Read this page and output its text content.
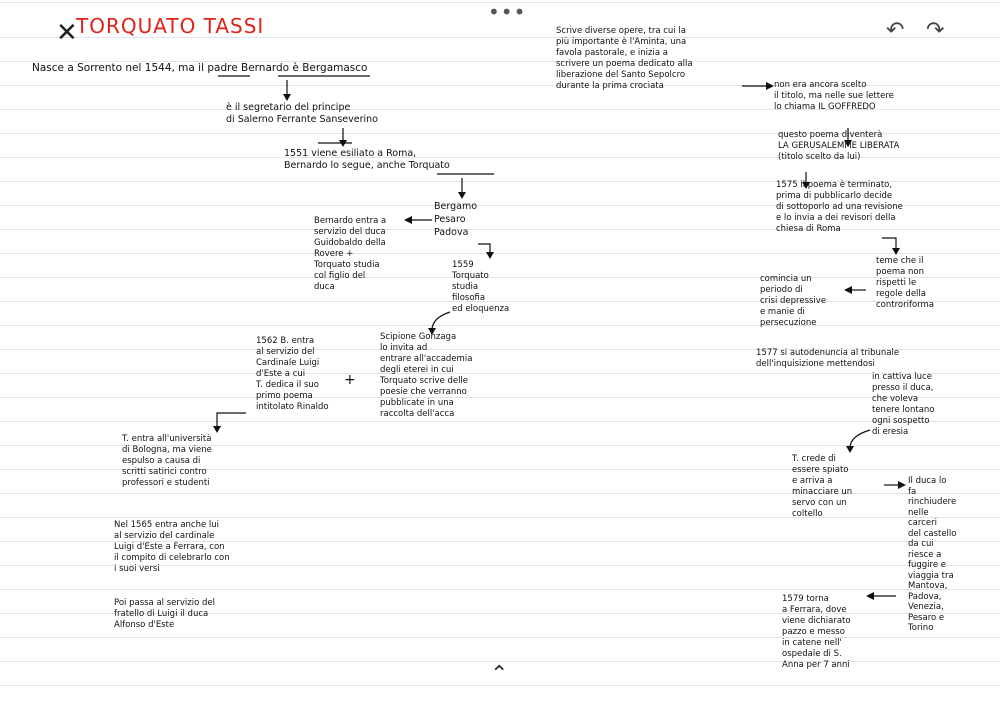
•••
✕	↶ ↷
⌃
TORQUATO TASSI
Nasce a Sorrento nel 1544, ma il padre Bernardo è Bergamasco
è il segretario del principe
di Salerno Ferrante Sanseverino
1551 viene esiliato a Roma,
Bernardo lo segue, anche Torquato
Bergamo
Pesaro
Padova
Bernardo entra a
servizio del duca
Guidobaldo della
Rovere +
Torquato studia
col figlio del
duca
1559
Torquato
studia
filosofia
ed eloquenza
1562 B. entra
al servizio del
Cardinale Luigi
d'Este a cui
T. dedica il suo
primo poema
intitolato Rinaldo
+
Scipione Gonzaga
lo invita ad
entrare all'accademia
degli eterei in cui
Torquato scrive delle
poesie che verranno
pubblicate in una
raccolta dell'acca
T. entra all'università
di Bologna, ma viene
espulso a causa di
scritti satirici contro
professori e studenti
Nel 1565 entra anche lui
al servizio del cardinale
Luigi d'Este a Ferrara, con
il compito di celebrarlo con
i suoi versi
Poi passa al servizio del
fratello di Luigi il duca
Alfonso d'Este
Scrive diverse opere, tra cui la
più importante è l'Aminta, una
favola pastorale, e inizia a
scrivere un poema dedicato alla
liberazione del Santo Sepolcro
durante la prima crociata	non era ancora scelto
il titolo, ma nelle sue lettere
lo chiama IL GOFFREDO
questo poema diventerà
LA GERUSALEMME LIBERATA
(titolo scelto da lui)
1575 il poema è terminato,
prima di pubblicarlo decide
di sottoporlo ad una revisione
e lo invia a dei revisori della
chiesa di Roma
teme che il
poema non
rispetti le
regole della
controriforma
comincia un
periodo di
crisi depressive
e manie di
persecuzione
1577 si autodenuncia al tribunale
dell'inquisizione mettendosi
in cattiva luce
presso il duca,
che voleva
tenere lontano
ogni sospetto
di eresia
T. crede di
essere spiato
e arriva a
minacciare un
servo con un
coltello
Il duca lo
fa
rinchiudere
nelle
carceri
del castello
da cui
riesce a
fuggire e
viaggia tra
Mantova,
Padova,
Venezia,
Pesaro e
Torino
1579 torna
a Ferrara, dove
viene dichiarato
pazzo e messo
in catene nell'
ospedale di S.
Anna per 7 anni
